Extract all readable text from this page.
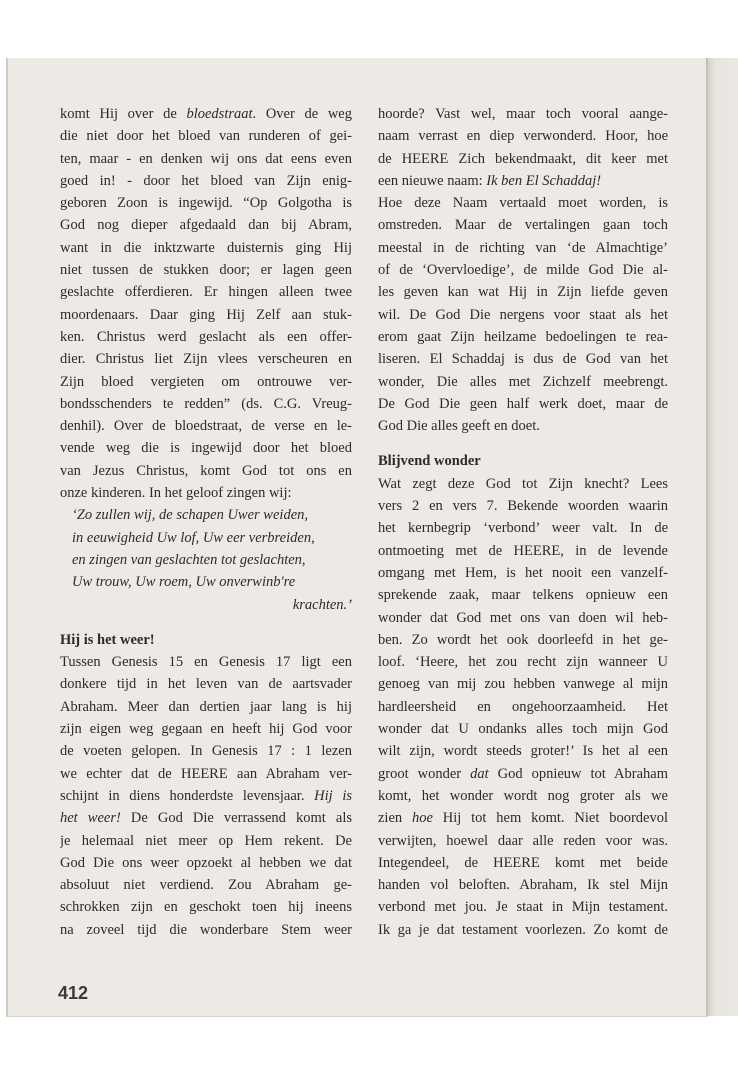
komt Hij over de bloedstraat. Over de weg
die niet door het bloed van runderen of gei-
ten, maar - en denken wij ons dat eens even
goed in! - door het bloed van Zijn enig-
geboren Zoon is ingewijd. “Op Golgotha is
God nog dieper afgedaald dan bij Abram,
want in die inktzwarte duisternis ging Hij
niet tussen de stukken door; er lagen geen
geslachte offerdieren. Er hingen alleen twee
moordenaars. Daar ging Hij Zelf aan stuk-
ken. Christus werd geslacht als een offer-
dier. Christus liet Zijn vlees verscheuren en
Zijn bloed vergieten om ontrouwe ver-
bondsschenders te redden” (ds. C.G. Vreug-
denhil). Over de bloedstraat, de verse en le-
vende weg die is ingewijd door het bloed
van Jezus Christus, komt God tot ons en
onze kinderen. In het geloof zingen wij:
‘Zo zullen wij, de schapen Uwer weiden,
in eeuwigheid Uw lof, Uw eer verbreiden,
en zingen van geslachten tot geslachten,
Uw trouw, Uw roem, Uw onverwinb're
krachten.’
Hij is het weer!
Tussen Genesis 15 en Genesis 17 ligt een
donkere tijd in het leven van de aartsvader
Abraham. Meer dan dertien jaar lang is hij
zijn eigen weg gegaan en heeft hij God voor
de voeten gelopen. In Genesis 17 : 1 lezen
we echter dat de HEERE aan Abraham ver-
schijnt in diens honderdste levensjaar. Hij is
het weer! De God Die verrassend komt als
je helemaal niet meer op Hem rekent. De
God Die ons weer opzoekt al hebben we dat
absoluut niet verdiend. Zou Abraham ge-
schrokken zijn en geschokt toen hij ineens
na zoveel tijd die wonderbare Stem weer
hoorde? Vast wel, maar toch vooral aange-
naam verrast en diep verwonderd. Hoor, hoe
de HEERE Zich bekendmaakt, dit keer met
een nieuwe naam: Ik ben El Schaddaj!
Hoe deze Naam vertaald moet worden, is
omstreden. Maar de vertalingen gaan toch
meestal in de richting van ‘de Almachtige’
of de ‘Overvloedige’, de milde God Die al-
les geven kan wat Hij in Zijn liefde geven
wil. De God Die nergens voor staat als het
erom gaat Zijn heilzame bedoelingen te rea-
liseren. El Schaddaj is dus de God van het
wonder, Die alles met Zichzelf meebrengt.
De God Die geen half werk doet, maar de
God Die alles geeft en doet.
Blijvend wonder
Wat zegt deze God tot Zijn knecht? Lees
vers 2 en vers 7. Bekende woorden waarin
het kernbegrip ‘verbond’ weer valt. In de
ontmoeting met de HEERE, in de levende
omgang met Hem, is het nooit een vanzelf-
sprekende zaak, maar telkens opnieuw een
wonder dat God met ons van doen wil heb-
ben. Zo wordt het ook doorleefd in het ge-
loof. ‘Heere, het zou recht zijn wanneer U
genoeg van mij zou hebben vanwege al mijn
hardleersheid en ongehoorzaamheid. Het
wonder dat U ondanks alles toch mijn God
wilt zijn, wordt steeds groter!’ Is het al een
groot wonder dat God opnieuw tot Abraham
komt, het wonder wordt nog groter als we
zien hoe Hij tot hem komt. Niet boordevol
verwijten, hoewel daar alle reden voor was.
Integendeel, de HEERE komt met beide
handen vol beloften. Abraham, Ik stel Mijn
verbond met jou. Je staat in Mijn testament.
Ik ga je dat testament voorlezen. Zo komt de
412
